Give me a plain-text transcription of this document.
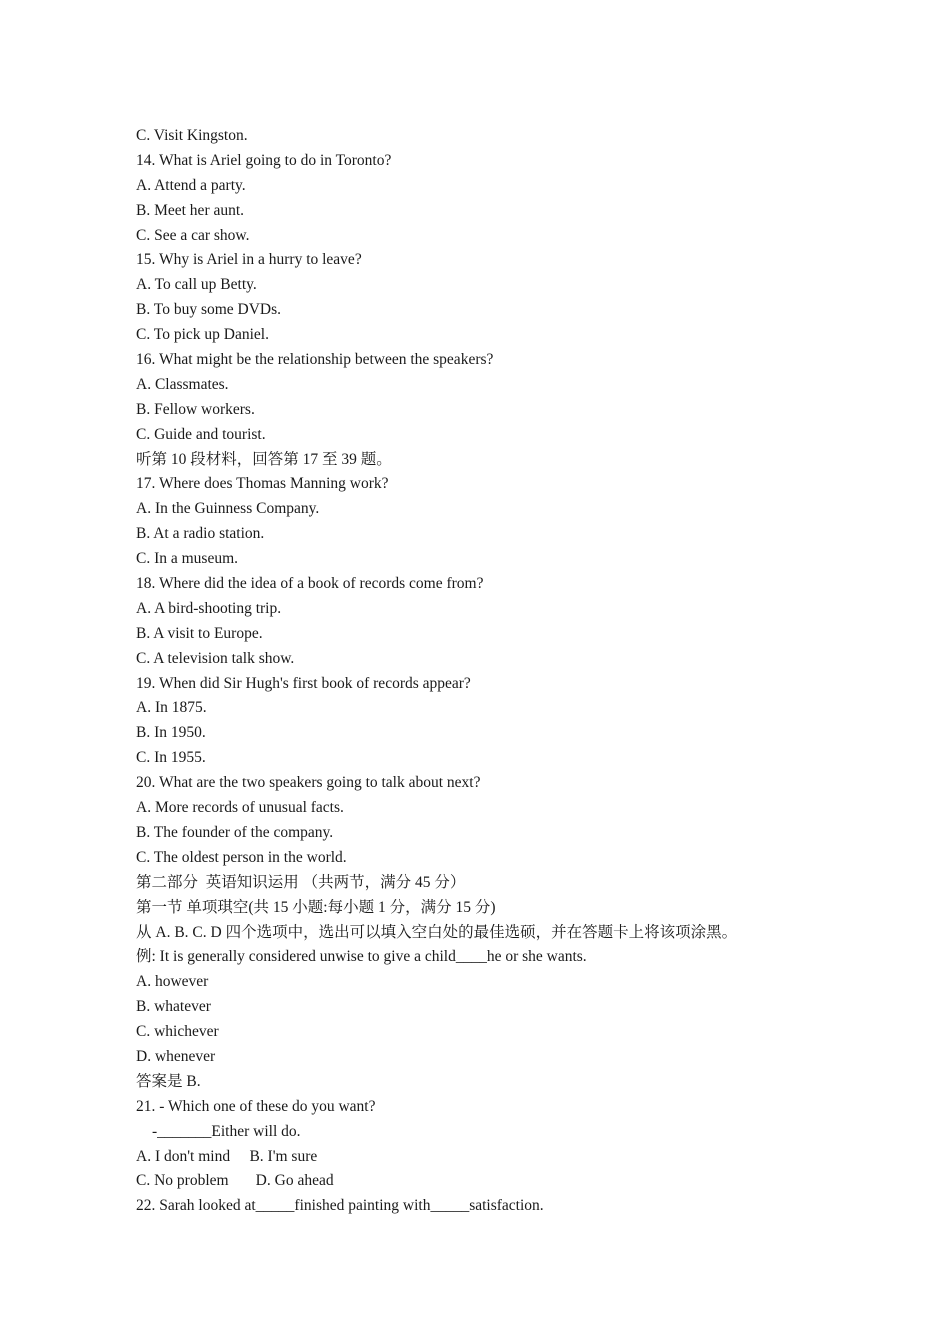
C. Visit Kingston.
14. What is Ariel going to do in Toronto?
A. Attend a party.
B. Meet her aunt.
C. See a car show.
15. Why is Ariel in a hurry to leave?
A. To call up Betty.
B. To buy some DVDs.
C. To pick up Daniel.
16. What might be the relationship between the speakers?
A. Classmates.
B. Fellow workers.
C. Guide and tourist.
听第 10 段材料，回答第 17 至 39 题。
17. Where does Thomas Manning work?
A. In the Guinness Company.
B. At a radio station.
C. In a museum.
18. Where did the idea of a book of records come from?
A. A bird-shooting trip.
B. A visit to Europe.
C. A television talk show.
19. When did Sir Hugh's first book of records appear?
A. In 1875.
B. In 1950.
C. In 1955.
20. What are the two speakers going to talk about next?
A. More records of unusual facts.
B. The founder of the company.
C. The oldest person in the world.
第二部分  英语知识运用 （共两节，满分 45 分）
第一节 单项琪空(共 15 小题:每小题 1 分，满分 15 分)
从 A. B. C. D 四个选项中，选出可以填入空白处的最佳选硕，并在答题卡上将该项涂黑。
例: It is generally considered unwise to give a child____he or she wants.
A. however
B. whatever
C. whichever
D. whenever
答案是 B.
21. - Which one of these do you want?
-_______Either will do.
A. I don't mind     B. I'm sure
C. No problem       D. Go ahead
22. Sarah looked at_____finished painting with_____satisfaction.
